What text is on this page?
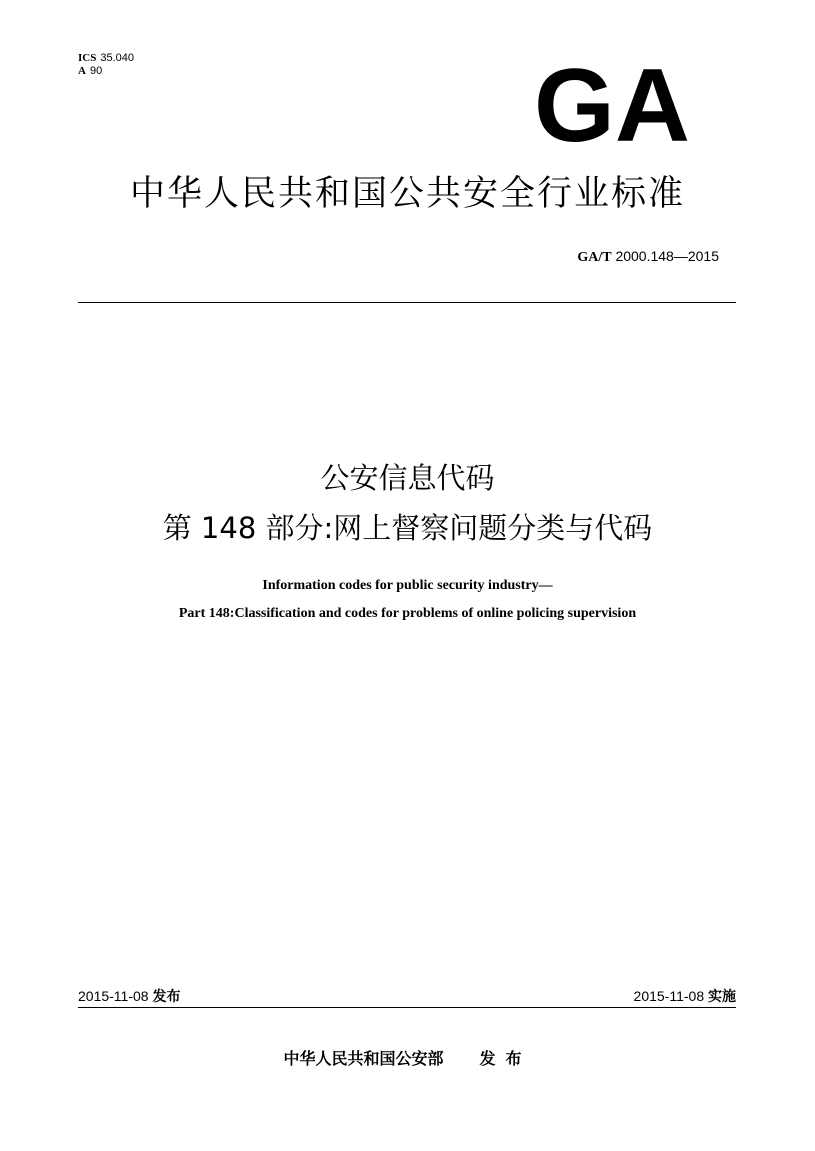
ICS 35.040
A 90	GA
中华人民共和国公共安全行业标准
GA/T 2000.148—2015
公安信息代码
第 148 部分:网上督察问题分类与代码
Information codes for public security industry—
Part 148:Classification and codes for problems of online policing supervision
2015-11-08 发布	2015-11-08 实施
中华人民共和国公安部 发布
